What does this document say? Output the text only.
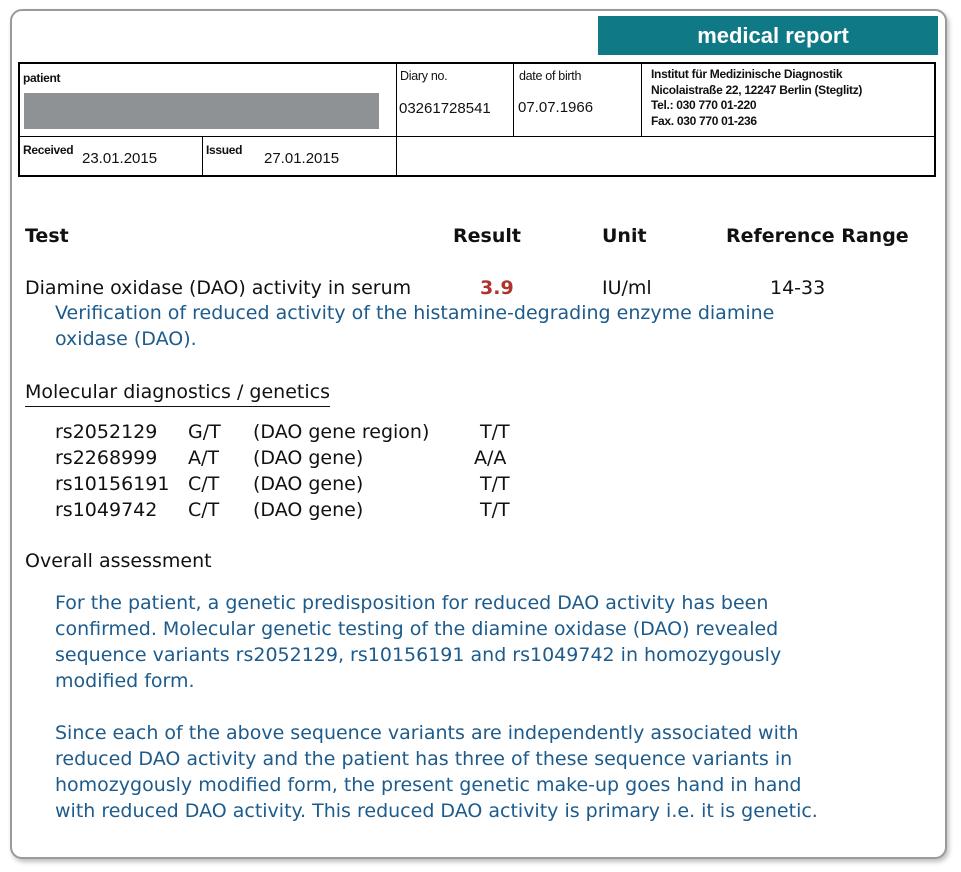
medical report
patient	Diary no.
03261728541
date of birth
07.07.1966
Institut für Medizinische Diagnostik
Nicolaistraße 22, 12247 Berlin (Steglitz)
Tel.: 030 770 01-220
Fax. 030 770 01-236
Received 23.01.2015	Issued 27.01.2015
Test	Result	Unit	Reference Range
Diamine oxidase (DAO) activity in serum	3.9	IU/ml	14-33
Verification of reduced activity of the histamine-degrading enzyme diamine
oxidase (DAO).
Molecular diagnostics / genetics
rs2052129 G/T (DAO gene region)	T/T
rs2268999 A/T (DAO gene)	A/A
rs10156191 C/T (DAO gene)	T/T
rs1049742 C/T (DAO gene)	T/T
Overall assessment
For the patient, a genetic predisposition for reduced DAO activity has been
confirmed. Molecular genetic testing of the diamine oxidase (DAO) revealed
sequence variants rs2052129, rs10156191 and rs1049742 in homozygously
modified form.
Since each of the above sequence variants are independently associated with
reduced DAO activity and the patient has three of these sequence variants in
homozygously modified form, the present genetic make-up goes hand in hand
with reduced DAO activity. This reduced DAO activity is primary i.e. it is genetic.
